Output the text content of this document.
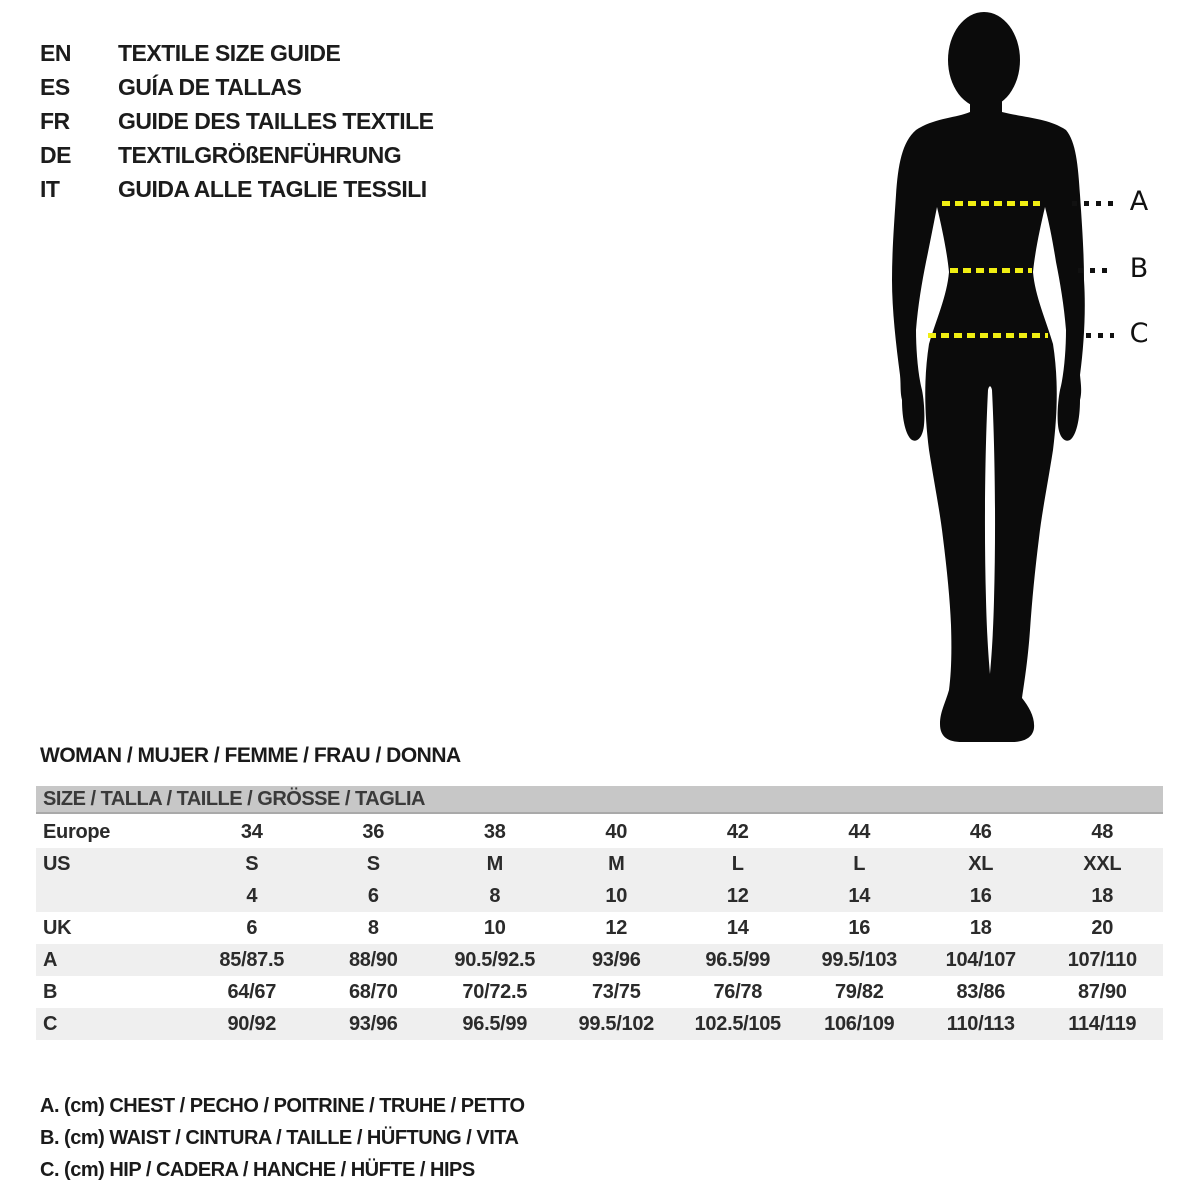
EN	TEXTILE SIZE GUIDE
ES	GUÍA DE TALLAS
FR	GUIDE DES TAILLES TEXTILE
DE	TEXTILGRÖßENFÜHRUNG
IT	GUIDA ALLE TAGLIE TESSILI	A
B
C
WOMAN / MUJER / FEMME / FRAU / DONNA
SIZE / TALLA / TAILLE / GRÖSSE / TAGLIA
Europe	34	36	38	40	42	44	46	48
US	S	S	M	M	L	L	XL	XXL
	4	6	8	10	12	14	16	18
UK	6	8	10	12	14	16	18	20
A	85/87.5	88/90	90.5/92.5	93/96	96.5/99	99.5/103	104/107	107/110
B	64/67	68/70	70/72.5	73/75	76/78	79/82	83/86	87/90
C	90/92	93/96	96.5/99	99.5/102	102.5/105	106/109	110/113	114/119

A. (cm) CHEST / PECHO / POITRINE / TRUHE / PETTO

B. (cm) WAIST / CINTURA / TAILLE / HÜFTUNG / VITA

C. (cm) HIP / CADERA / HANCHE / HÜFTE / HIPS
